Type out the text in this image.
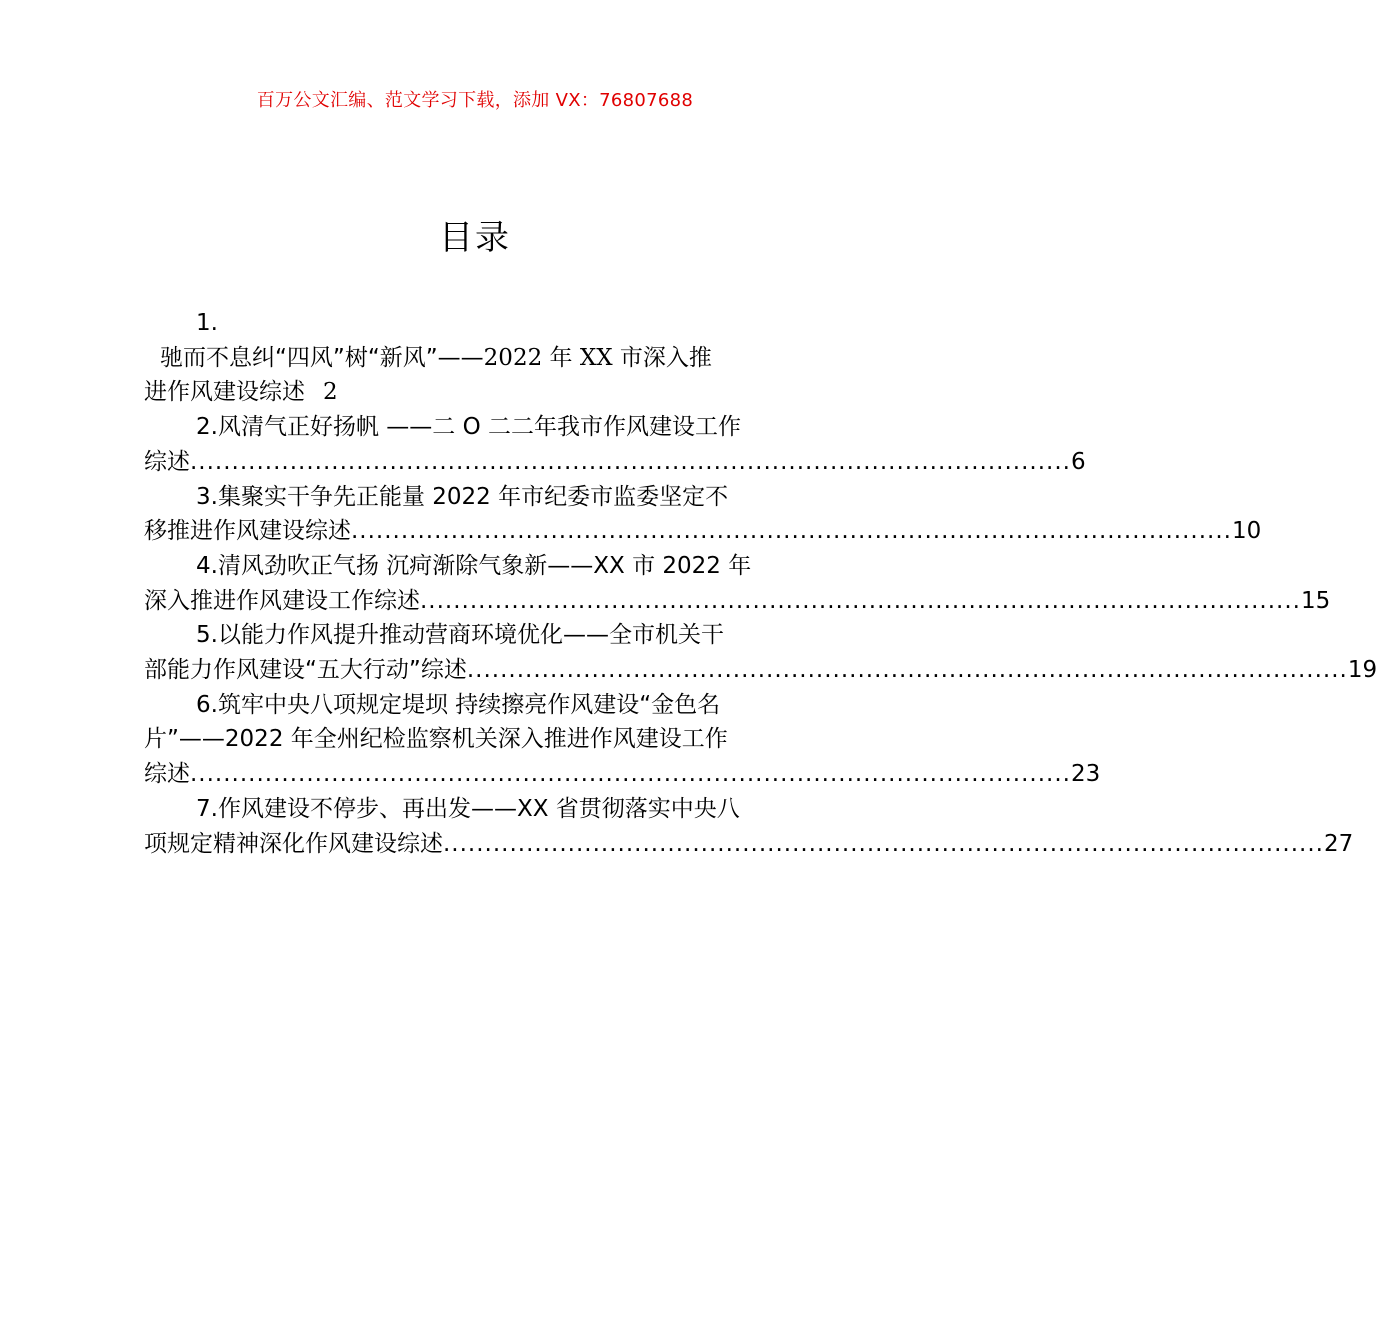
百万公文汇编、范文学习下载，添加 VX：76807688
目录
1.
驰而不息纠“四风”树“新风”——2022 年 XX 市深入推
进作风建设综述 2
2.风清气正好扬帆 ——二 O 二二年我市作风建设工作
综述 .......................................................................................................... 6
3.集聚实干争先正能量 2022 年市纪委市监委坚定不
移推进作风建设综述 .......................................................................................................... 10
4.清风劲吹正气扬 沉疴渐除气象新——XX 市 2022 年
深入推进作风建设工作综述 .......................................................................................................... 15
5.以能力作风提升推动营商环境优化——全市机关干
部能力作风建设“五大行动”综述 .......................................................................................................... 19
6.筑牢中央八项规定堤坝 持续擦亮作风建设“金色名
片”——2022 年全州纪检监察机关深入推进作风建设工作
综述 .......................................................................................................... 23
7.作风建设不停步、再出发——XX 省贯彻落实中央八
项规定精神深化作风建设综述 .......................................................................................................... 27
